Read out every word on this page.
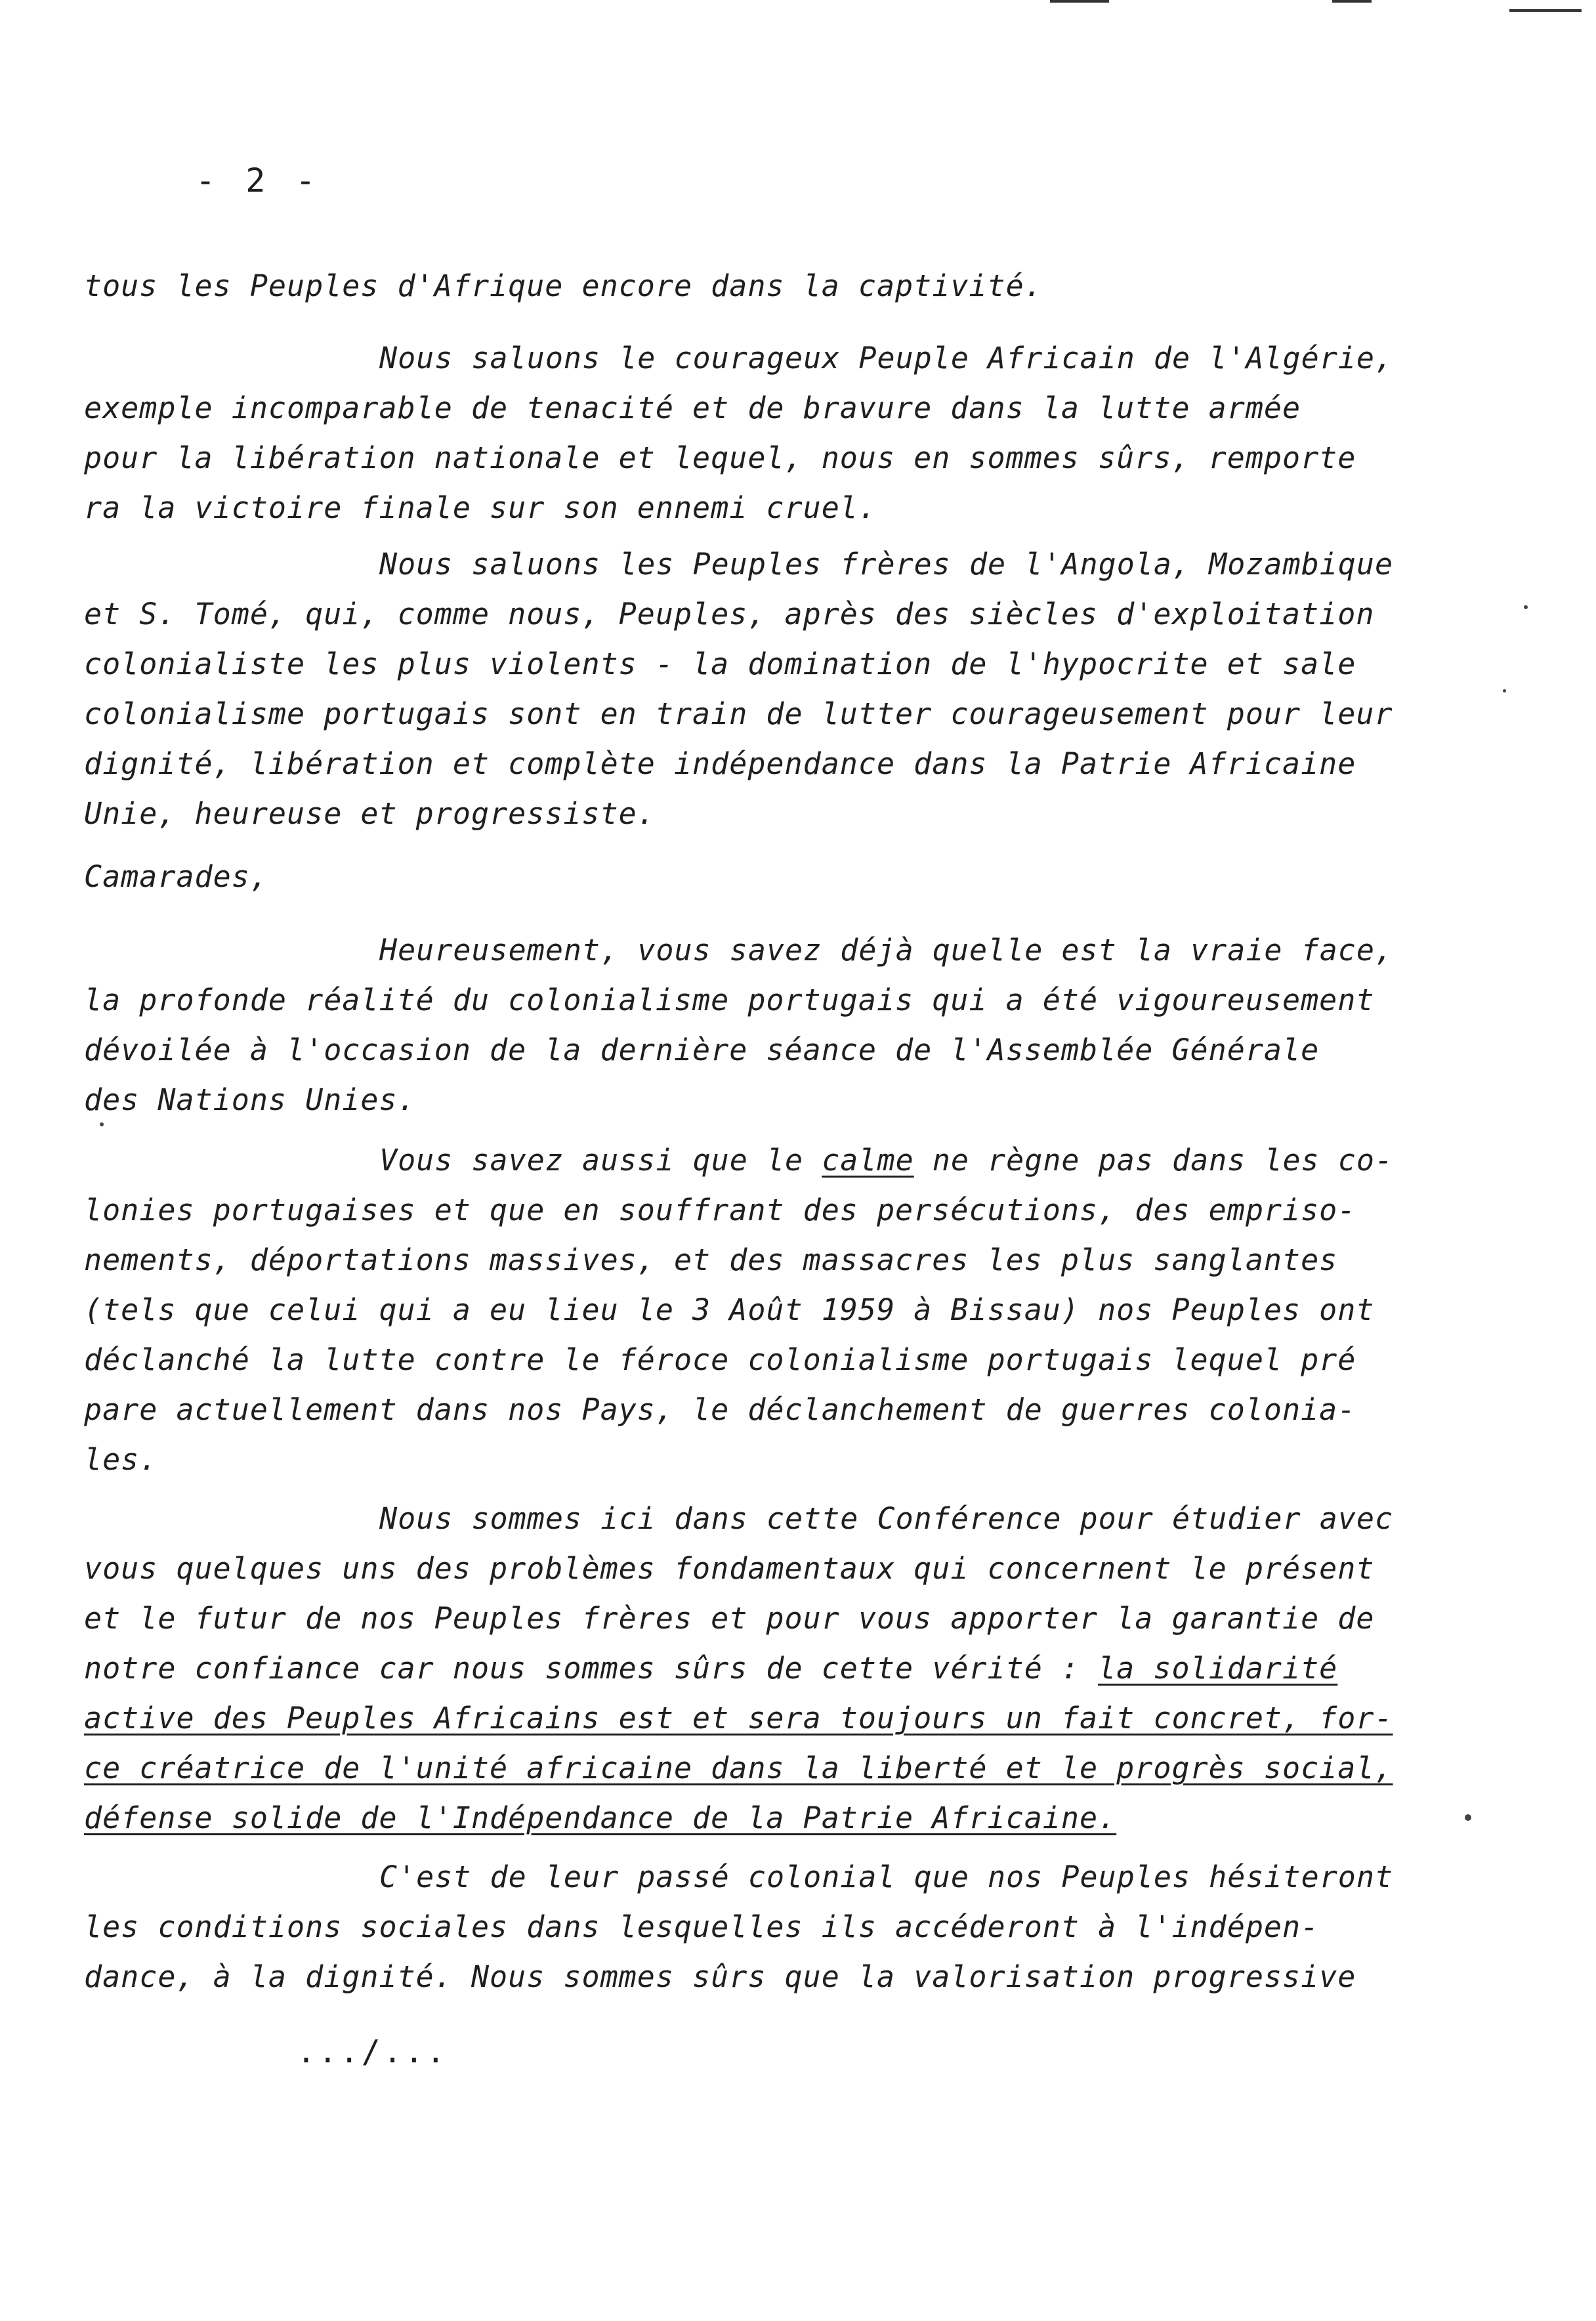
- 2 -
tous les Peuples d'Afrique encore dans la captivité.
Nous saluons le courageux Peuple Africain de l'Algérie,
exemple incomparable de tenacité et de bravure dans la lutte armée
pour la libération nationale et lequel, nous en sommes sûrs, remporte
ra la victoire finale sur son ennemi cruel.
Nous saluons les Peuples frères de l'Angola, Mozambique
et S. Tomé, qui, comme nous, Peuples, après des siècles d'exploitation
colonialiste les plus violents - la domination de l'hypocrite et sale
colonialisme portugais sont en train de lutter courageusement pour leur
dignité, libération et complète indépendance dans la Patrie Africaine
Unie, heureuse et progressiste.
Camarades,
Heureusement, vous savez déjà quelle est la vraie face,
la profonde réalité du colonialisme portugais qui a été vigoureusement
dévoilée à l'occasion de la dernière séance de l'Assemblée Générale
des Nations Unies.
Vous savez aussi que le calme ne règne pas dans les co-
lonies portugaises et que en souffrant des persécutions, des empriso-
nements, déportations massives, et des massacres les plus sanglantes
(tels que celui qui a eu lieu le 3 Août 1959 à Bissau) nos Peuples ont
déclanché la lutte contre le féroce colonialisme portugais lequel pré
pare actuellement dans nos Pays, le déclanchement de guerres colonia-
les.
Nous sommes ici dans cette Conférence pour étudier avec
vous quelques uns des problèmes fondamentaux qui concernent le présent
et le futur de nos Peuples frères et pour vous apporter la garantie de
notre confiance car nous sommes sûrs de cette vérité : la solidarité
active des Peuples Africains est et sera toujours un fait concret, for-
ce créatrice de l'unité africaine dans la liberté et le progrès social,
défense solide de l'Indépendance de la Patrie Africaine.
C'est de leur passé colonial que nos Peuples hésiteront
les conditions sociales dans lesquelles ils accéderont à l'indépen-
dance, à la dignité. Nous sommes sûrs que la valorisation progressive
.../...
